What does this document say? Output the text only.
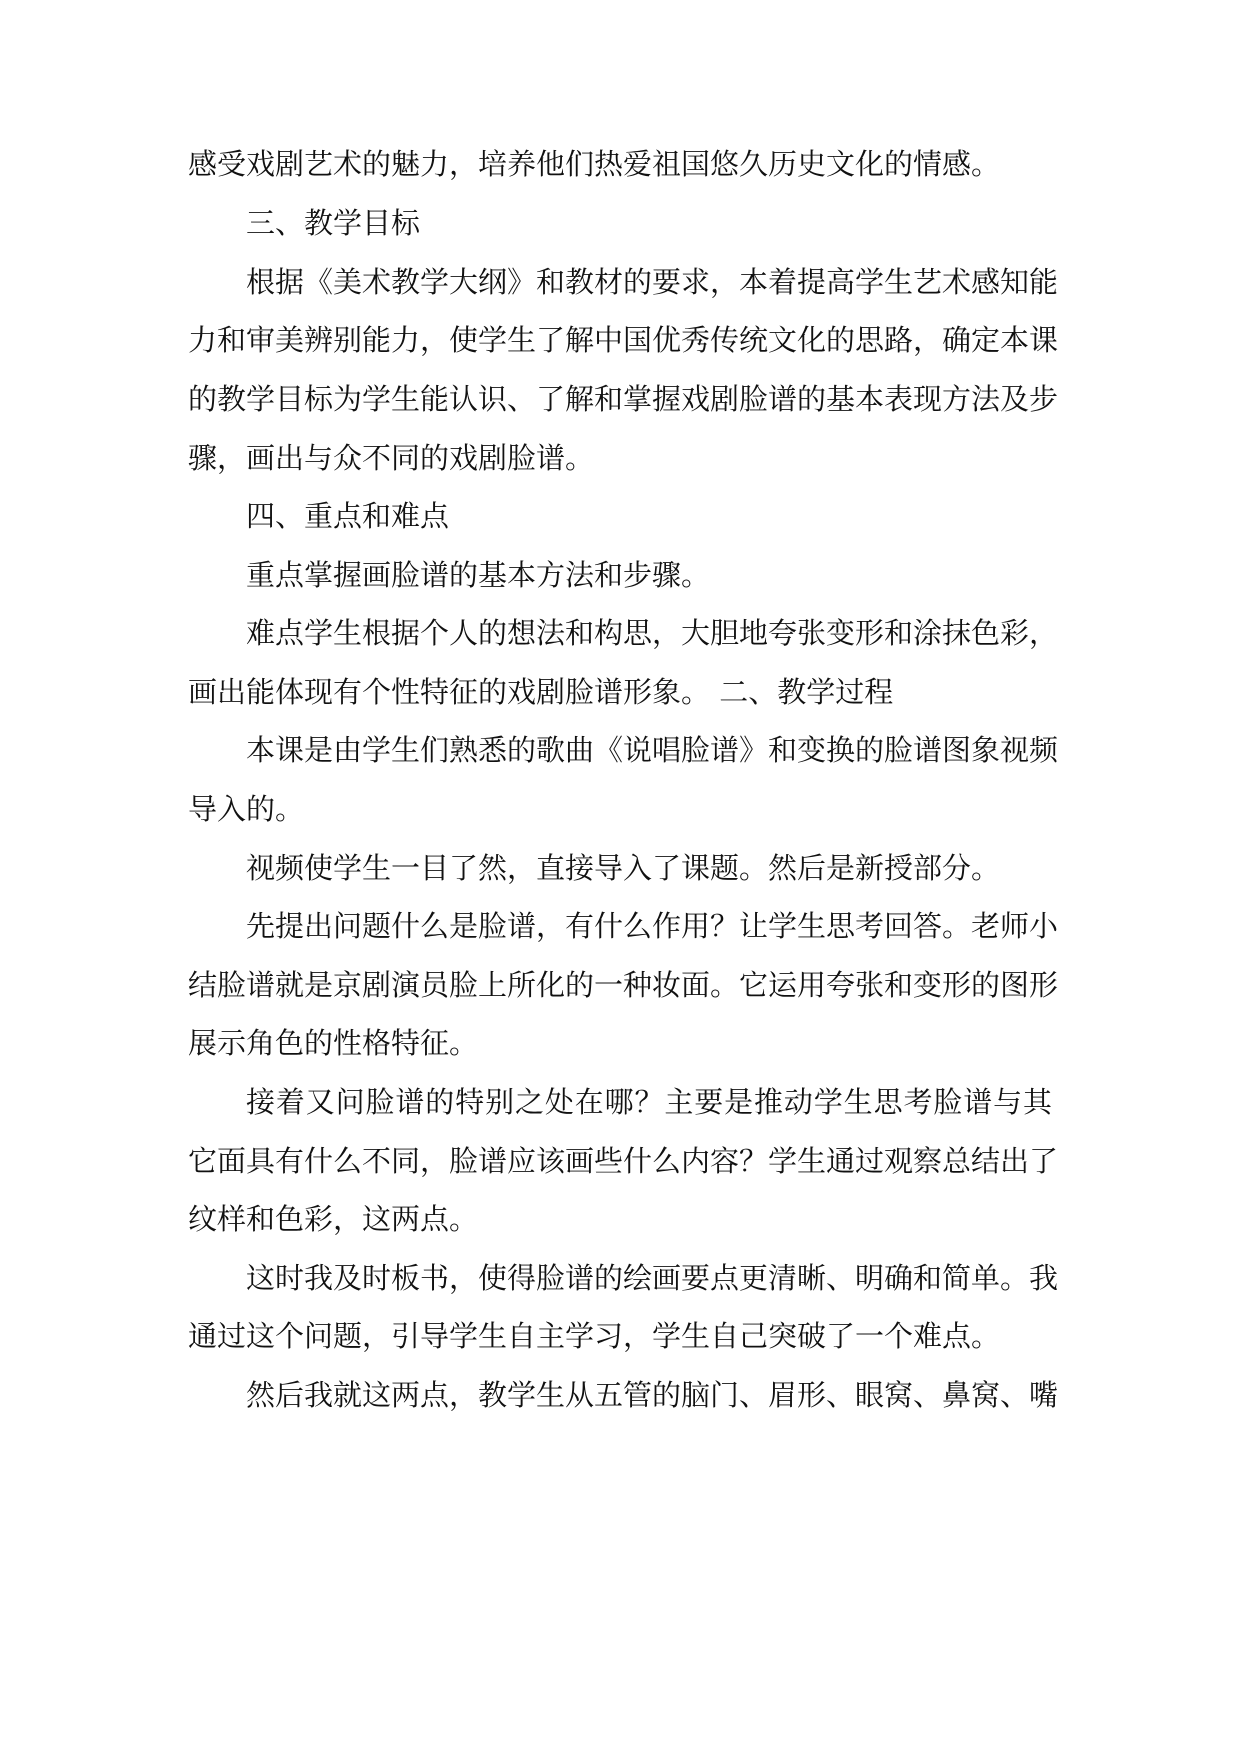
感受戏剧艺术的魅力，培养他们热爱祖国悠久历史文化的情感。
三、教学目标
根据《美术教学大纲》和教材的要求，本着提高学生艺术感知能
力和审美辨别能力，使学生了解中国优秀传统文化的思路，确定本课
的教学目标为学生能认识、了解和掌握戏剧脸谱的基本表现方法及步
骤，画出与众不同的戏剧脸谱。
四、重点和难点
重点掌握画脸谱的基本方法和步骤。
难点学生根据个人的想法和构思，大胆地夸张变形和涂抹色彩，
画出能体现有个性特征的戏剧脸谱形象。 二、教学过程
本课是由学生们熟悉的歌曲《说唱脸谱》和变换的脸谱图象视频
导入的。
视频使学生一目了然，直接导入了课题。然后是新授部分。
先提出问题什么是脸谱，有什么作用？让学生思考回答。老师小
结脸谱就是京剧演员脸上所化的一种妆面。它运用夸张和变形的图形
展示角色的性格特征。
接着又问脸谱的特别之处在哪？主要是推动学生思考脸谱与其
它面具有什么不同，脸谱应该画些什么内容？学生通过观察总结出了
纹样和色彩，这两点。
这时我及时板书，使得脸谱的绘画要点更清晰、明确和简单。我
通过这个问题，引导学生自主学习，学生自己突破了一个难点。
然后我就这两点，教学生从五管的脑门、眉形、眼窝、鼻窝、嘴
